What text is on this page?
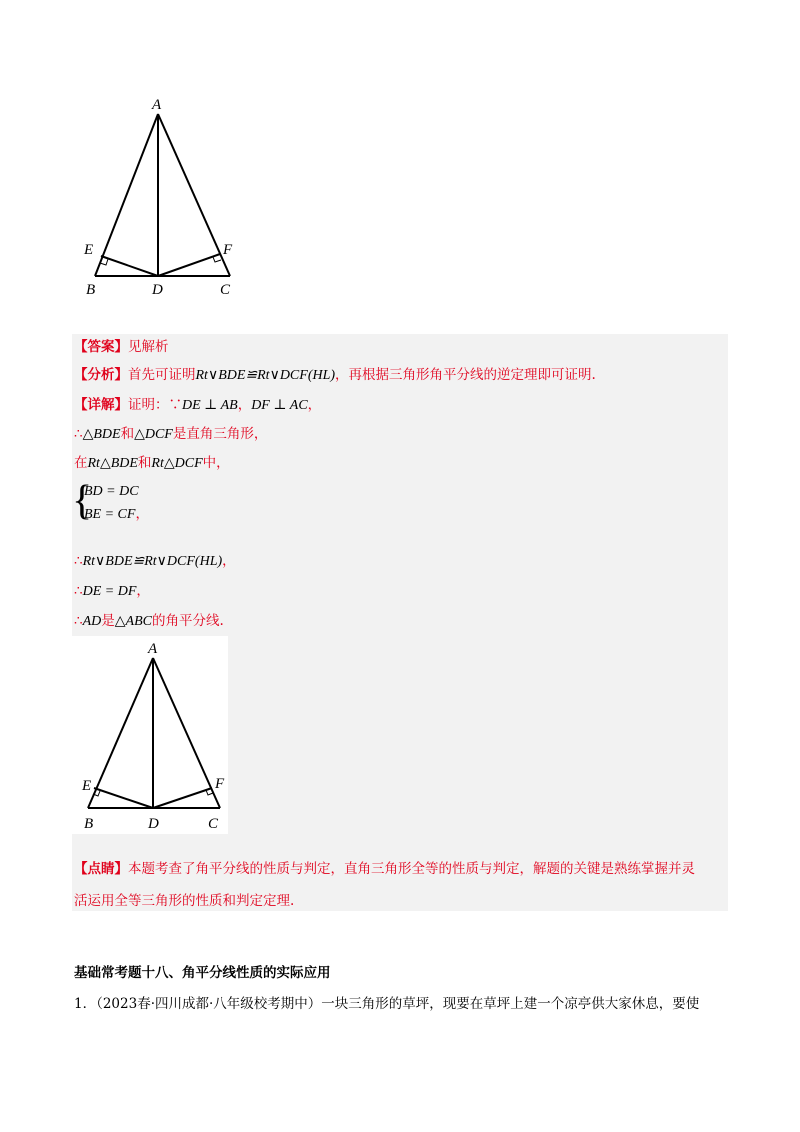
A
E	F
B	D	C
【答案】见解析
【分析】首先可证明Rt∨BDE≌Rt∨DCF(HL)，再根据三角形角平分线的逆定理即可证明.
【详解】证明：∵DE ⊥ AB，DF ⊥ AC，
∴△BDE和△DCF是直角三角形，
在Rt△BDE和Rt△DCF中，
{
BD = DC
BE = CF，
∴Rt∨BDE≌Rt∨DCF(HL)，
∴DE = DF，
∴AD是△ABC的角平分线.
A
E	F
B	D	C
【点睛】本题考查了角平分线的性质与判定，直角三角形全等的性质与判定，解题的关键是熟练掌握并灵
活运用全等三角形的性质和判定定理.
基础常考题十八、角平分线性质的实际应用
1．（2023春·四川成都·八年级校考期中）一块三角形的草坪，现要在草坪上建一个凉亭供大家休息，要使
